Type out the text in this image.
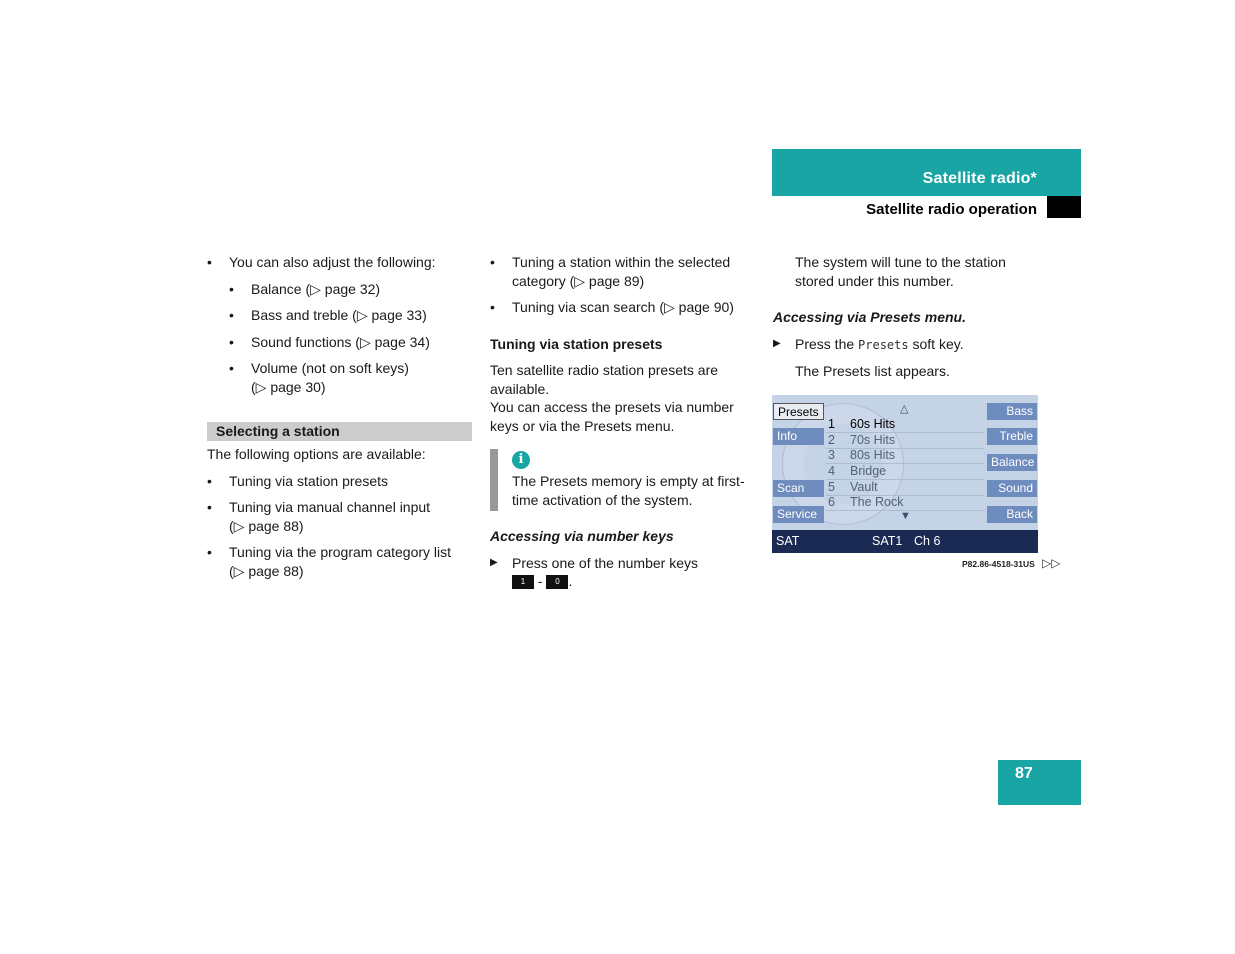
Satellite radio*
Satellite radio operation
• You can also adjust the following:
• Balance (▷ page 32)
• Bass and treble (▷ page 33)
• Sound functions (▷ page 34)
• Volume (not on soft keys) (▷ page 30)
Selecting a station

The following options are available:

• Tuning via station presets
• Tuning via manual channel input (▷ page 88)
• Tuning via the program category list (▷ page 88)
• Tuning a station within the selected category (▷ page 89)
• Tuning via scan search (▷ page 90)
Tuning via station presets
Ten satellite radio station presets are available.

You can access the presets via number keys or via the Presets menu.

i
The Presets memory is empty at first-time activation of the system.
Accessing via number keys
▶ Press one of the number keys
1 - 0 .

The system will tune to the station stored under this number.

Accessing via Presets menu.
▶ Press the Presets soft key.

The Presets list appears.

Presets
Info
Scan
Service
Bass
Treble
Balance
Sound
Back
△
1 60s Hits
2 70s Hits
3 80s Hits
4 Bridge
5 Vault
6 The Rock
▼
SAT	SAT1 Ch 6
P82.86-4518-31US ▷▷
87
